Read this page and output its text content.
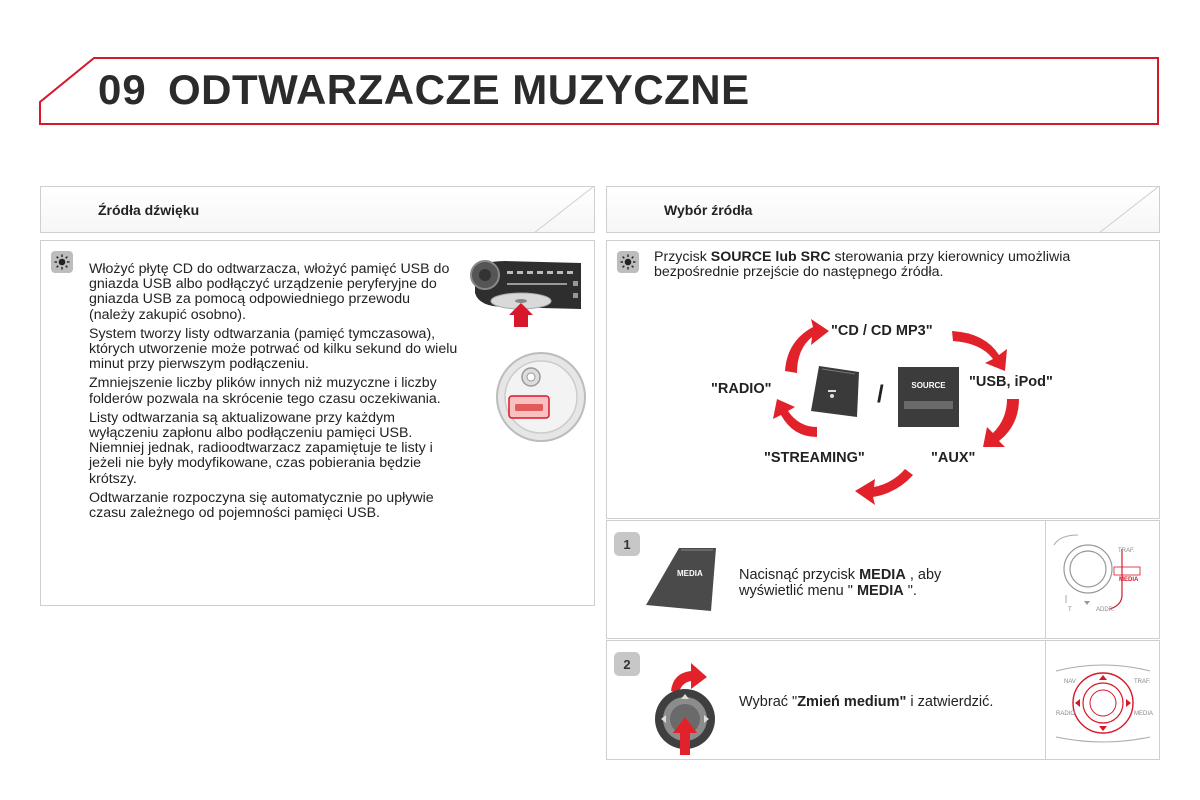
09 ODTWARZACZE MUZYCZNE
Źródła dźwięku

Włożyć płytę CD do odtwarzacza, włożyć pamięć USB do gniazda USB albo podłączyć urządzenie peryferyjne do gniazda USB za pomocą odpowiedniego przewodu (należy zakupić osobno).

System tworzy listy odtwarzania (pamięć tymczasowa), których utworzenie może potrwać od kilku sekund do wielu minut przy pierwszym podłączeniu.

Zmniejszenie liczby plików innych niż muzyczne i liczby folderów pozwala na skrócenie tego czasu oczekiwania.

Listy odtwarzania są aktualizowane przy każdym wyłączeniu zapłonu albo podłączeniu pamięci USB. Niemniej jednak, radioodtwarzacz zapamiętuje te listy i jeżeli nie były modyfikowane, czas pobierania będzie krótszy.

Odtwarzanie rozpoczyna się automatycznie po upływie czasu zależnego od pojemności pamięci USB.

Wybór źródła
Przycisk SOURCE lub SRC sterowania przy kierownicy umożliwia bezpośrednie przejście do następnego źródła.
"CD / CD MP3"
"USB, iPod"
"AUX"
"STREAMING"
"RADIO"	/	SOURCE
1
MEDIA Nacisnąć przycisk MEDIA , aby wyświetlić menu " MEDIA ".
TRAF.
MEDIA
T	ADDR.
2
Wybrać "Zmień medium" i zatwierdzić.
NAV	TRAF.
RADIO	MEDIA
